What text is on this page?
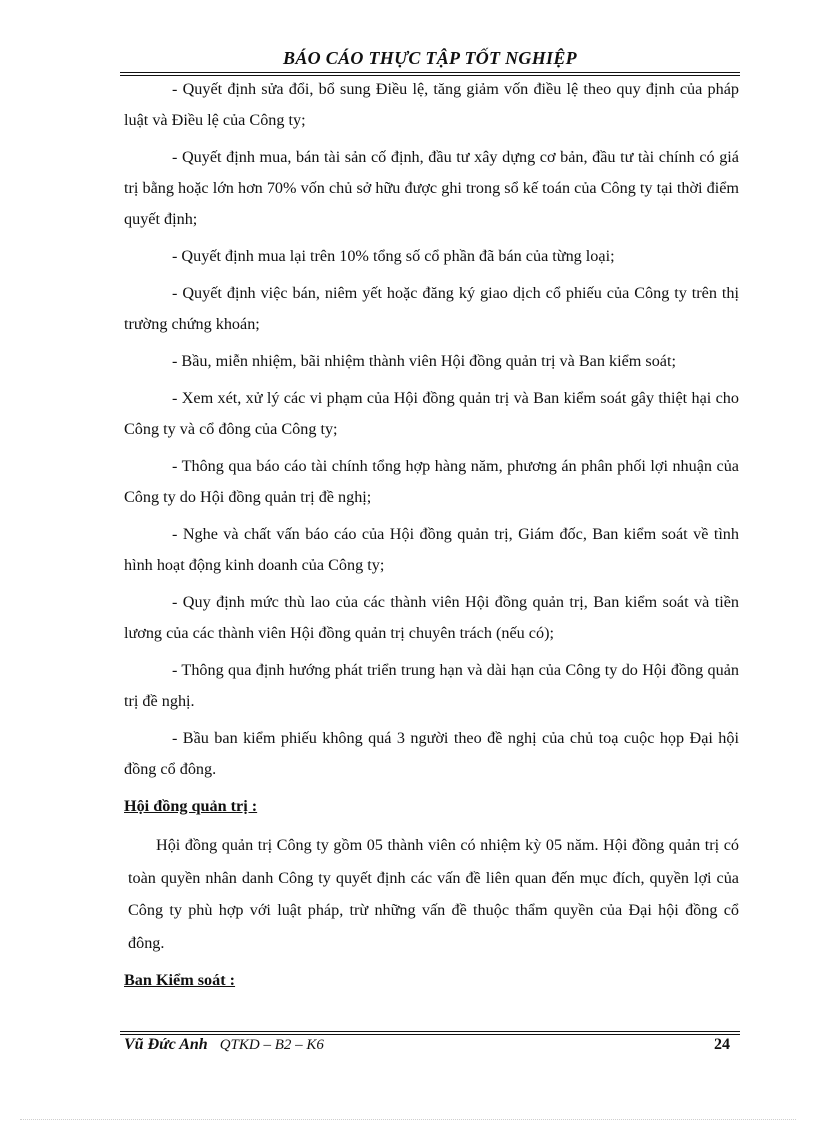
BÁO CÁO THỰC TẬP TỐT NGHIỆP

- Quyết định sửa đổi, bổ sung Điều lệ, tăng giảm vốn điều lệ theo quy định của pháp luật và Điều lệ của Công ty;

- Quyết định mua, bán tài sản cố định, đầu tư xây dựng cơ bản, đầu tư tài chính có giá trị bằng hoặc lớn hơn 70% vốn chủ sở hữu được ghi trong sổ kế toán của Công ty tại thời điểm quyết định;

- Quyết định mua lại trên 10% tổng số cổ phần đã bán của từng loại;

- Quyết định việc bán, niêm yết hoặc đăng ký giao dịch cổ phiếu của Công ty trên thị trường chứng khoán;

- Bầu, miễn nhiệm, bãi nhiệm thành viên Hội đồng quản trị và Ban kiểm soát;

- Xem xét, xử lý các vi phạm của Hội đồng quản trị và Ban kiểm soát gây thiệt hại cho Công ty và cổ đông của Công ty;

- Thông qua báo cáo tài chính tổng hợp hàng năm, phương án phân phối lợi nhuận của Công ty do Hội đồng quản trị đề nghị;

- Nghe và chất vấn báo cáo của Hội đồng quản trị, Giám đốc, Ban kiểm soát về tình hình hoạt động kinh doanh của Công ty;

- Quy định mức thù lao của các thành viên Hội đồng quản trị, Ban kiểm soát và tiền lương của các thành viên Hội đồng quản trị chuyên trách (nếu có);

- Thông qua định hướng phát triển trung hạn và dài hạn của Công ty do Hội đồng quản trị đề nghị.

- Bầu ban kiểm phiếu không quá 3 người theo đề nghị của chủ toạ cuộc họp Đại hội đồng cổ đông.

Hội đồng quản trị :

Hội đồng quản trị Công ty gồm 05 thành viên có nhiệm kỳ 05 năm. Hội đồng quản trị có toàn quyền nhân danh Công ty quyết định các vấn đề liên quan đến mục đích, quyền lợi của Công ty phù hợp với luật pháp, trừ những vấn đề thuộc thẩm quyền của Đại hội đồng cổ đông.

Ban Kiểm soát :
Vũ Đức Anh QTKD – B2 – K6	24
